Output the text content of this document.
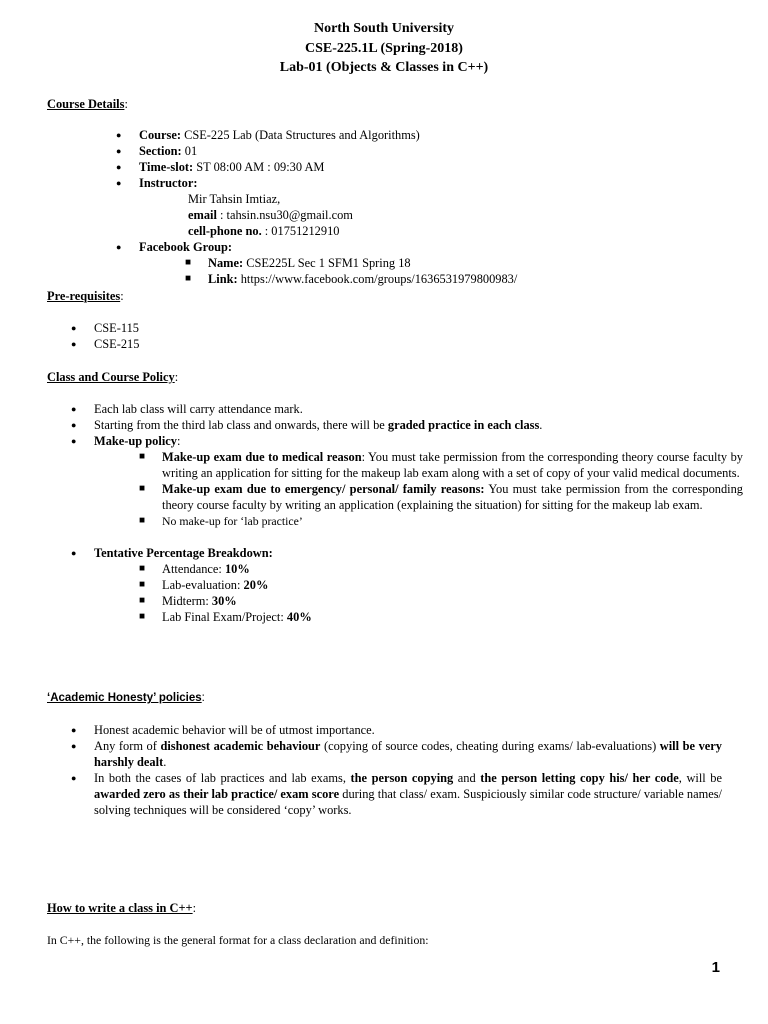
North South University
CSE-225.1L (Spring-2018)
Lab-01 (Objects & Classes in C++)
Course Details:
● Course: CSE-225 Lab (Data Structures and Algorithms)
● Section: 01
● Time-slot: ST 08:00 AM : 09:30 AM
● Instructor:
Mir Tahsin Imtiaz,
email : tahsin.nsu30@gmail.com
cell-phone no. : 01751212910
● Facebook Group:
■ Name: CSE225L Sec 1 SFM1 Spring 18
■ Link: https://www.facebook.com/groups/1636531979800983/
Pre-requisites:
● CSE-115
● CSE-215
Class and Course Policy:
● Each lab class will carry attendance mark.
● Starting from the third lab class and onwards, there will be graded practice in each class.
● Make-up policy:
■ Make-up exam due to medical reason: You must take permission from the corresponding theory course faculty by writing an application for sitting for the makeup lab exam along with a set of copy of your valid medical documents.
■ Make-up exam due to emergency/ personal/ family reasons: You must take permission from the corresponding theory course faculty by writing an application (explaining the situation) for sitting for the makeup lab exam.
■ No make-up for ‘lab practice’
● Tentative Percentage Breakdown:
■ Attendance: 10%
■ Lab-evaluation: 20%
■ Midterm: 30%
■ Lab Final Exam/Project: 40%
‘Academic Honesty’ policies:
● Honest academic behavior will be of utmost importance.
● Any form of dishonest academic behaviour (copying of source codes, cheating during exams/ lab-evaluations) will be very harshly dealt.
● In both the cases of lab practices and lab exams, the person copying and the person letting copy his/ her code, will be awarded zero as their lab practice/ exam score during that class/ exam. Suspiciously similar code structure/ variable names/ solving techniques will be considered ‘copy’ works.
How to write a class in C++:
In C++, the following is the general format for a class declaration and definition:
1
